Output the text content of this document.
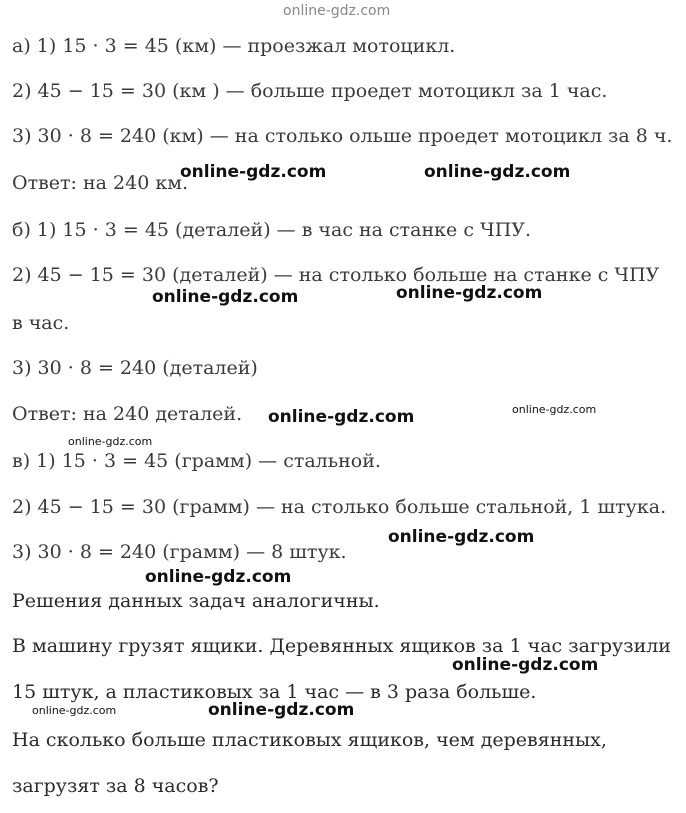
online-gdz.com
а) 1) 15 · 3 = 45 (км) — проезжал мотоцикл.
2) 45 − 15 = 30 (км ) — больше проедет мотоцикл за 1 час.
3) 30 · 8 = 240 (км) — на столько ольше проедет мотоцикл за 8 ч.
Ответ: на 240 км.
б) 1) 15 · 3 = 45 (деталей) — в час на станке с ЧПУ.
2) 45 − 15 = 30 (деталей) — на столько больше на станке с ЧПУ
в час.
3) 30 · 8 = 240 (деталей)
Ответ: на 240 деталей.
в) 1) 15 · 3 = 45 (грамм) — стальной.
2) 45 − 15 = 30 (грамм) — на столько больше стальной, 1 штука.
3) 30 · 8 = 240 (грамм) — 8 штук.
Решения данных задач аналогичны.
В машину грузят ящики. Деревянных ящиков за 1 час загрузили
15 штук, а пластиковых за 1 час — в 3 раза больше.
На сколько больше пластиковых ящиков, чем деревянных,
загрузят за 8 часов?
online-gdz.com	online-gdz.com
online-gdz.com	online-gdz.com
online-gdz.com	online-gdz.com
online-gdz.com
online-gdz.com
online-gdz.com
online-gdz.com
online-gdz.com	online-gdz.com
